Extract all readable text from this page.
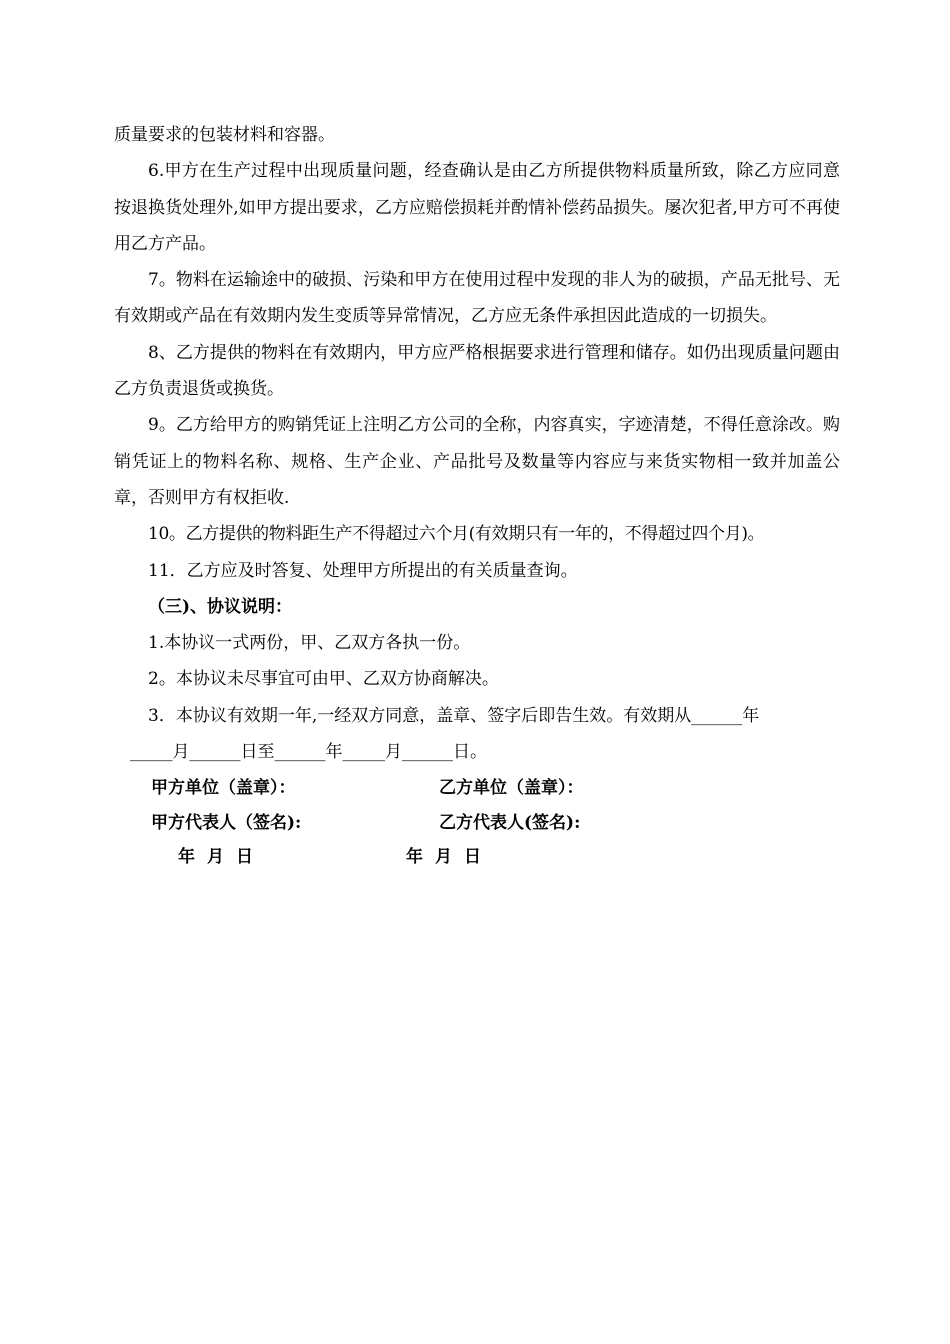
质量要求的包装材料和容器。

6.甲方在生产过程中出现质量问题，经查确认是由乙方所提供物料质量所致，除乙方应同意按退换货处理外,如甲方提出要求，乙方应赔偿损耗并酌情补偿药品损失。屡次犯者,甲方可不再使用乙方产品。

7。物料在运输途中的破损、污染和甲方在使用过程中发现的非人为的破损，产品无批号、无有效期或产品在有效期内发生变质等异常情况，乙方应无条件承担因此造成的一切损失。

8、乙方提供的物料在有效期内，甲方应严格根据要求进行管理和储存。如仍出现质量问题由乙方负责退货或换货。

9。乙方给甲方的购销凭证上注明乙方公司的全称，内容真实，字迹清楚，不得任意涂改。购销凭证上的物料名称、规格、生产企业、产品批号及数量等内容应与来货实物相一致并加盖公章，否则甲方有权拒收.

10。乙方提供的物料距生产不得超过六个月(有效期只有一年的，不得超过四个月)。

11．乙方应及时答复、处理甲方所提出的有关质量查询。

（三)、协议说明：

1.本协议一式两份，甲、乙双方各执一份。

2。本协议未尽事宜可由甲、乙双方协商解决。

3．本协议有效期一年,一经双方同意，盖章、签字后即告生效。有效期从______年

_____月______日至______年_____月______日。

甲方单位（盖章）：	乙方单位（盖章）：
甲方代表人（签名):	乙方代表人(签名):
年 月 日	年 月 日
